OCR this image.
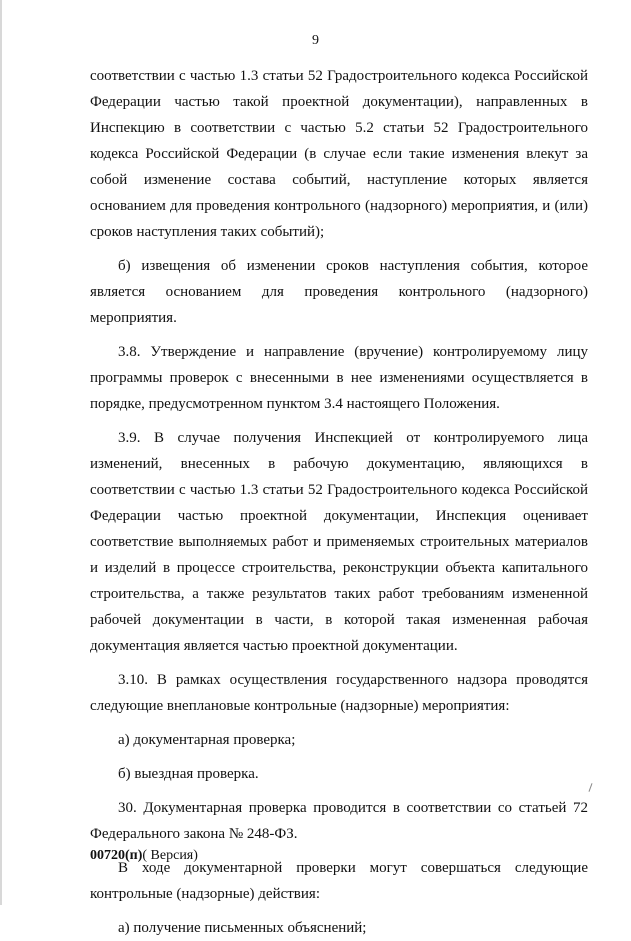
9

соответствии с частью 1.3 статьи 52 Градостроительного кодекса Российской Федерации частью такой проектной документации), направленных в Инспекцию в соответствии с частью 5.2 статьи 52 Градостроительного кодекса Российской Федерации (в случае если такие изменения влекут за собой изменение состава событий, наступление которых является основанием для проведения контрольного (надзорного) мероприятия, и (или) сроков наступления таких событий);

б) извещения об изменении сроков наступления события, которое является основанием для проведения контрольного (надзорного) мероприятия.

3.8. Утверждение и направление (вручение) контролируемому лицу программы проверок с внесенными в нее изменениями осуществляется в порядке, предусмотренном пунктом 3.4 настоящего Положения.

3.9. В случае получения Инспекцией от контролируемого лица изменений, внесенных в рабочую документацию, являющихся в соответствии с частью 1.3 статьи 52 Градостроительного кодекса Российской Федерации частью проектной документации, Инспекция оценивает соответствие выполняемых работ и применяемых строительных материалов и изделий в процессе строительства, реконструкции объекта капитального строительства, а также результатов таких работ требованиям измененной рабочей документации в части, в которой такая измененная рабочая документация является частью проектной документации.

3.10. В рамках осуществления государственного надзора проводятся следующие внеплановые контрольные (надзорные) мероприятия:

а) документарная проверка;

б) выездная проверка.

30. Документарная проверка проводится в соответствии со статьей 72 Федерального закона № 248-ФЗ.

В ходе документарной проверки могут совершаться следующие контрольные (надзорные) действия:

а) получение письменных объяснений;

00720(п)( Версия)
